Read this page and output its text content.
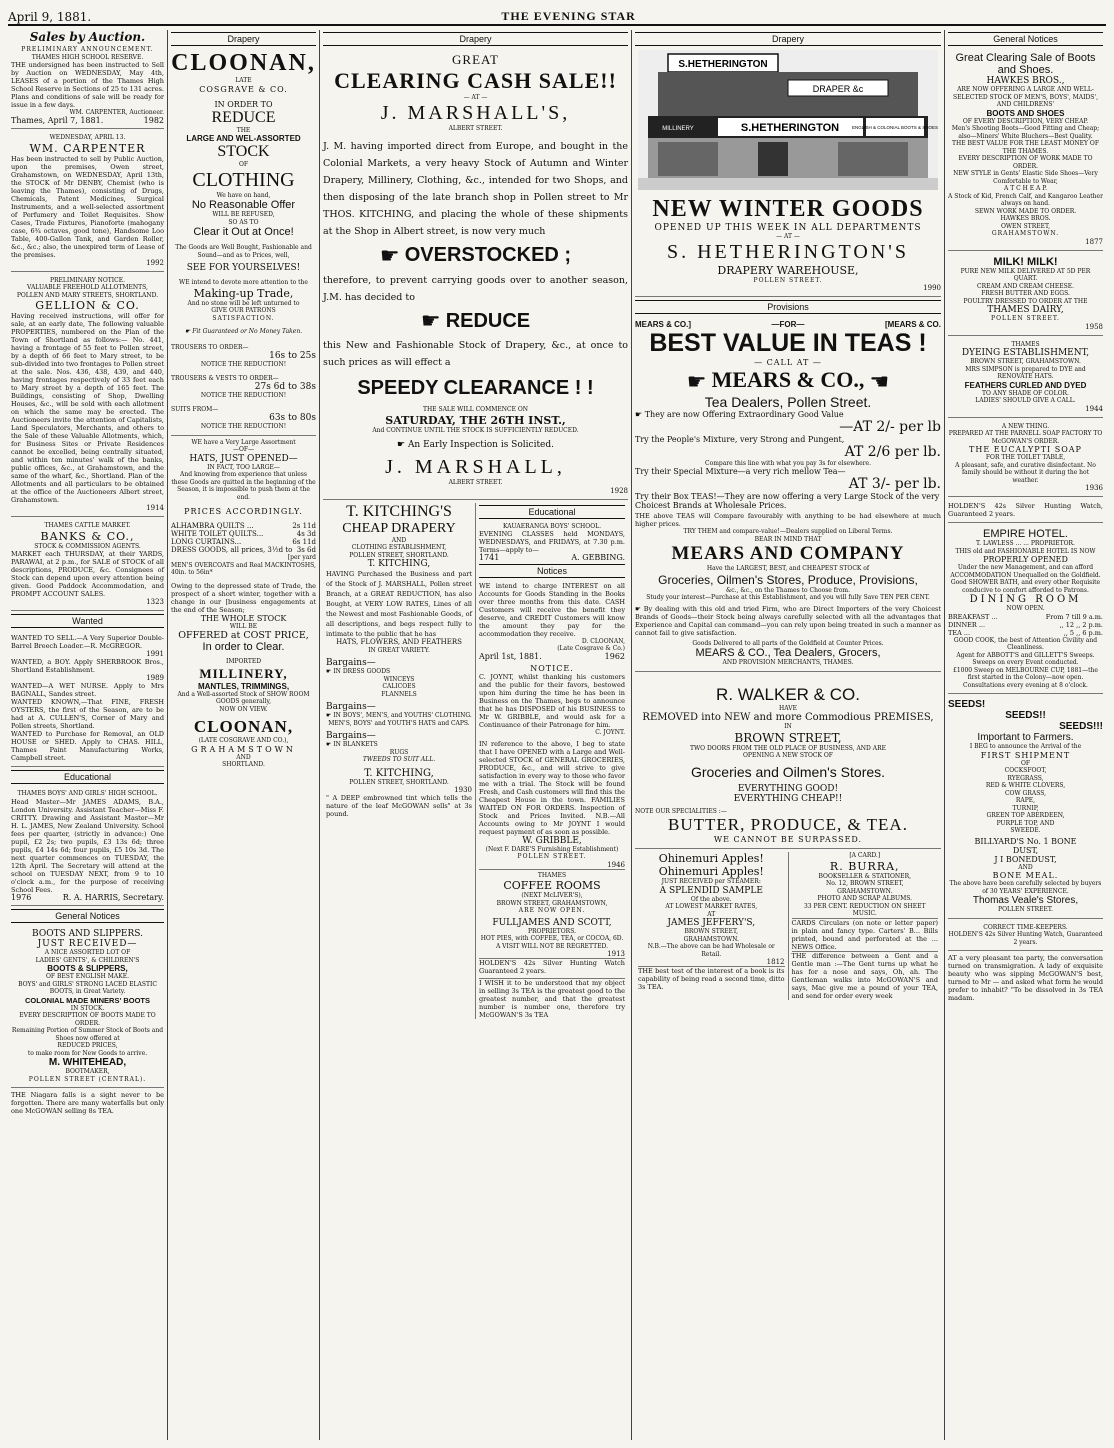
April 9, 1881.	THE EVENING STAR
Sales by Auction.
PRELIMINARY ANNOUNCEMENT.
THAMES HIGH SCHOOL RESERVE.
THE undersigned has been instructed to Sell by Auction on WEDNESDAY, May 4th, LEASES of a portion of the Thames High School Reserve in Sections of 25 to 131 acres. Plans and conditions of sale will be ready for issue in a few days.
WM. CARPENTER, Auctioneer.
Thames, April 7, 1881.	1982
WEDNESDAY, APRIL 13.
WM. CARPENTER
Has been instructed to sell by Public Auction, upon the premises, Owen street, Grahamstown, on WEDNESDAY, April 13th, the STOCK of Mr DENBY, Chemist (who is leaving the Thames), consisting of Drugs, Chemicals, Patent Medicines, Surgical Instruments, and a well-selected assortment of Perfumery and Toilet Requisites. Show Cases, Trade Fixtures, Pianoforte (mahogany case, 6¾ octaves, good tone), Handsome Loo Table, 400-Gallon Tank, and Garden Roller, &c., &c.; also, the unexpired term of Lease of the premises.
1992
PRELIMINARY NOTICE.
VALUABLE FREEHOLD ALLOTMENTS,
POLLEN AND MARY STREETS, SHORTLAND.
GELLION & CO.
Having received instructions, will offer for sale, at an early date, The following valuable PROPERTIES, numbered on the Plan of the Town of Shortland as follows:— No. 441, having a frontage of 55 feet to Pollen street, by a depth of 66 feet to Mary street, to be sub-divided into two frontages to Pollen street at the sale. Nos. 436, 438, 439, and 440, having frontages respectively of 33 feet each to Mary street by a depth of 165 feet. The Buildings, consisting of Shop, Dwelling Houses, &c., will be sold with each allotment on which the same may be erected. The Auctioneers invite the attention of Capitalists, Land Speculators, Merchants, and others to the Sale of these Valuable Allotments, which, for Business Sites or Private Residences cannot be excelled, being centrally situated, and within ten minutes' walk of the banks, public offices, &c., at Grahamstown, and the same of the wharf, &c., Shortland. Plan of the Allotments and all particulars to be obtained at the office of the Auctioneers Albert street, Grahamstown.
1914
THAMES CATTLE MARKET.
BANKS & CO.,
STOCK & COMMISSION AGENTS.
MARKET each THURSDAY, at their YARDS, PARAWAI, at 2 p.m., for SALE of STOCK of all descriptions, PRODUCE, &c. Consignees of Stock can depend upon every attention being given. Good Paddock Accommodation, and PROMPT ACCOUNT SALES.
1323
Wanted
WANTED TO SELL.—A Very Superior Double-Barrel Breech Loader.—R. McGREGOR.
1991
WANTED, a BOY. Apply SHERBROOK Bros., Shortland Establishment.
1989
WANTED—A WET NURSE. Apply to Mrs BAGNALL, Sandes street.
WANTED KNOWN,—That FINE, FRESH OYSTERS, the first of the Season, are to be had at A. CULLEN'S, Corner of Mary and Pollen streets, Shortland.
WANTED to Purchase for Removal, an OLD HOUSE or SHED. Apply to CHAS. HILL, Thames Paint Manufacturing Works, Campbell street.
Educational
THAMES BOYS' AND GIRLS' HIGH SCHOOL.
Head Master—Mr JAMES ADAMS, B.A., London University. Assistant Teacher—Miss F. CRITTY. Drawing and Assistant Master—Mr H. L. JAMES, New Zealand University. School fees per quarter, (strictly in advance:) One pupil, £2 2s; two pupils, £3 13s 6d; three pupils, £4 14s 6d; four pupils, £5 10s 3d. The next quarter commences on TUESDAY, the 12th April. The Secretary will attend at the school on TUESDAY NEXT, from 9 to 10 o'clock a.m., for the purpose of receiving School Fees.
1976	R. A. HARRIS, Secretary.
General Notices
BOOTS AND SLIPPERS.
JUST RECEIVED—
A NICE ASSORTED LOT OF
LADIES' GENTS', & CHILDREN'S
BOOTS & SLIPPERS,
OF BEST ENGLISH MAKE.
BOYS' and GIRLS' STRONG LACED ELASTIC BOOTS, in Great Variety.
COLONIAL MADE MINERS' BOOTS
IN STOCK.
EVERY DESCRIPTION OF BOOTS MADE TO ORDER.
Remaining Portion of Summer Stock of Boots and Shoes now offered at
REDUCED PRICES,
to make room for New Goods to arrive.
M. WHITEHEAD,
BOOTMAKER,
POLLEN STREET (CENTRAL).
THE Niagara falls is a sight never to be forgotten. There are many waterfalls but only one McGOWAN selling 8s TEA.
Drapery
CLOONAN,
LATE
COSGRAVE & CO.
IN ORDER TO
REDUCE
THE
LARGE AND WEL-ASSORTED
STOCK
OF
CLOTHING
We have on hand,
No Reasonable Offer
WILL BE REFUSED,
SO AS TO
Clear it Out at Once!
The Goods are Well Bought, Fashionable and Sound—and as to Prices, well,
SEE FOR YOURSELVES!
WE intend to devote more attention to the
Making-up Trade,
And no stone will be left unturned to
GIVE OUR PATRONS
SATISFACTION.
☛ Fit Guaranteed or No Money Taken.
TROUSERS TO ORDER—
16s to 25s
NOTICE THE REDUCTION!
TROUSERS & VESTS TO ORDER—
27s 6d to 38s
NOTICE THE REDUCTION!
SUITS FROM—
63s to 80s
NOTICE THE REDUCTION!
WE have a Very Large Assortment
—OF—
HATS, JUST OPENED—
IN FACT, TOO LARGE—
And knowing from experience that unless these Goods are quitted in the beginning of the Season, it is impossible to push them at the end.
PRICES ACCORDINGLY.
ALHAMBRA QUILTS ...	2s 11d
WHITE TOILET QUILTS...	4s 3d
LONG CURTAINS...	6s 11d
DRESS GOODS, all prices, 3½d to 3s 6d
[per yard
MEN'S OVERCOATS and Real MACKINTOSHS, 40in. to 56in*
Owing to the depressed state of Trade, the prospect of a short winter, together with a change in our [business engagements at the end of the Season;
THE WHOLE STOCK
WILL BE
OFFERED at COST PRICE,
In order to Clear.
IMPORTED
MILLINERY,
MANTLES, TRIMMINGS,
And a Well-assorted Stock of SHOW ROOM GOODS generally,
NOW ON VIEW.
CLOONAN,
(LATE COSGRAVE AND CO.),
GRAHAMSTOWN
AND
SHORTLAND.
Drapery
GREAT
CLEARING CASH SALE!!
— AT —
J. MARSHALL'S,
ALBERT STREET.
J. M. having imported direct from Europe, and bought in the Colonial Markets, a very heavy Stock of Autumn and Winter Drapery, Millinery, Clothing, &c., intended for two Shops, and then disposing of the late branch shop in Pollen street to Mr THOS. KITCHING, and placing the whole of these shipments at the Shop in Albert street, is now very much
☛ OVERSTOCKED ;
therefore, to prevent carrying goods over to another season, J.M. has decided to
☛ REDUCE
this New and Fashionable Stock of Drapery, &c., at once to such prices as will effect a
SPEEDY CLEARANCE ! !
THE SALE WILL COMMENCE ON
SATURDAY, THE 26TH INST.,
And CONTINUE UNTIL THE STOCK IS SUFFICIENTLY REDUCED.
☛ An Early Inspection is Solicited.
J. MARSHALL,
ALBERT STREET.
1928
T. KITCHING'S
CHEAP DRAPERY
AND
CLOTHING ESTABLISHMENT,
POLLEN STREET, SHORTLAND.
T. KITCHING,
HAVING Purchased the Business and part of the Stock of J. MARSHALL, Pollen street Branch, at a GREAT REDUCTION, has also Bought, at VERY LOW RATES, Lines of all the Newest and most Fashionable Goods, of all descriptions, and begs respect fully to intimate to the public that he has
HATS, FLOWERS, AND FEATHERS
IN GREAT VARIETY.
Bargains—
☛ IN DRESS GOODS
WINCEYS
CALICOES
FLANNELS
Bargains—
☛ IN BOYS', MEN'S, and YOUTHS' CLOTHING.
MEN'S, BOYS' and YOUTH'S HATS and CAPS.
Bargains—
☛ IN BLANKETS
RUGS
TWEEDS TO SUIT ALL.
T. KITCHING,
POLLEN STREET, SHORTLAND.
1930
" A DEEP embrowned tint which tells the nature of the leaf McGOWAN sells" at 3s pound.
Educational
KAUAERANGA BOYS' SCHOOL.
EVENING CLASSES held MONDAYS, WEDNESDAYS, and FRIDAYS, at 7.30 p.m. Terms—apply to—
1741	A. GEBBING.
Notices
WE intend to charge INTEREST on all Accounts for Goods Standing in the Books over three months from this date. CASH Customers will receive the benefit they deserve, and CREDIT Customers will know the amount they pay for the accommodation they receive.
D. CLOONAN,
(Late Cosgrave & Co.)
April 1st, 1881.	1962
NOTICE.
C. JOYNT, whilst thanking his customers and the public for their favors, bestowed upon him during the time he has been in Business on the Thames, begs to announce that he has DISPOSED of his BUSINESS to Mr W. GRIBBLE, and would ask for a Continuance of their Patronage for him.
C. JOYNT.
IN reference to the above, I beg to state that I have OPENED with a Large and Well-selected STOCK of GENERAL GROCERIES, PRODUCE, &c., and will strive to give satisfaction in every way to those who favor me with a trial. The Stock will be found Fresh, and Cash customers will find this the Cheapest House in the town. FAMILIES WAITED ON FOR ORDERS. Inspection of Stock and Prices Invited. N.B.—All Accounts owing to Mr JOYNT I would request payment of as soon as possible.
W. GRIBBLE,
(Next F. DARE'S Furnishing Establishment)
POLLEN STREET.
1946
THAMES
COFFEE ROOMS
(NEXT McLIVER'S),
BROWN STREET, GRAHAMSTOWN,
ARE NOW OPEN.
FULLJAMES AND SCOTT,
PROPRIETORS.
HOT PIES, with COFFEE, TEA, or COCOA, 6D.
A VISIT WILL NOT BE REGRETTED.
1913
HOLDEN'S 42s Silver Hunting Watch Guaranteed 2 years.
I WISH it to be understood that my object in selling 3s TEA is the greatest good to the greatest number, and that the greatest number is number one, therefore try McGOWAN'S 3s TEA
Drapery
S.HETHERINGTON
DRAPER &c
MILLINERY	S.HETHERINGTON	ENGLISH & COLONIAL BOOTS & SHOES
NEW WINTER GOODS
OPENED UP THIS WEEK IN ALL DEPARTMENTS
— AT —
S. HETHERINGTON'S
DRAPERY WAREHOUSE,
POLLEN STREET.
1990
Provisions
MEARS & CO.]	—FOR—	[MEARS & CO.
BEST VALUE IN TEAS !
— CALL AT —
☛ MEARS & CO., ☚
Tea Dealers, Pollen Street.
☛ They are now Offering Extraordinary Good Value
—AT 2/- per lb
Try the People's Mixture, very Strong and Pungent,
AT 2/6 per lb.
Compare this line with what you pay 3s for elsewhere.
Try their Special Mixture—a very rich mellow Tea—
AT 3/- per lb.
Try their Box TEAS!—They are now offering a very Large Stock of the very Choicest Brands at Wholesale Prices.
THE above TEAS will Compare favourably with anything to be had elsewhere at much higher prices.
TRY THEM and compare-value!—Dealers supplied on Liberal Terms.
BEAR IN MIND THAT
MEARS AND COMPANY
Have the LARGEST, BEST, and CHEAPEST STOCK of
Groceries, Oilmen's Stores, Produce, Provisions,
&c., &c., on the Thames to Choose from.
Study your interest—Purchase at this Establishment, and you will fully Save TEN PER CENT.
☛ By dealing with this old and tried Firm, who are Direct Importers of the very Choicest Brands of Goods—their Stock being always carefully selected with all the advantages that Experience and Capital can command—you can rely upon being treated in such a manner as cannot fail to give satisfaction.
Goods Delivered to all parts of the Goldfield at Counter Prices.
MEARS & CO., Tea Dealers, Grocers,
AND PROVISION MERCHANTS, THAMES.
R. WALKER & CO.
HAVE
REMOVED into NEW and more Commodious PREMISES,
IN
BROWN STREET,
TWO DOORS FROM THE OLD PLACE OF BUSINESS, AND ARE
OPENING A NEW STOCK OF
Groceries and Oilmen's Stores.
EVERYTHING GOOD!
EVERYTHING CHEAP!!
NOTE OUR SPECIALITIES :—
BUTTER, PRODUCE, & TEA.
WE CANNOT BE SURPASSED.
Ohinemuri Apples!
Ohinemuri Apples!
JUST RECEIVED per STEAMER:
A SPLENDID SAMPLE
Of the above.
AT LOWEST MARKET RATES,
AT
JAMES JEFFERY'S,
BROWN STREET,
GRAHAMSTOWN.
N.B.—The above can be had Wholesale or Retail.
1812
THE best test of the interest of a book is its capability of being read a second time, ditto 3s TEA.
[A CARD.]
R. BURRA,
BOOKSELLER & STATIONER,
No. 12, BROWN STREET,
GRAHAMSTOWN.
PHOTO AND SCRAP ALBUMS.
33 PER CENT. REDUCTION ON SHEET MUSIC.
CARDS Circulars (on note or letter paper) in plain and fancy type. Carters' B... Bills printed, bound and perforated at the ... NEWS Office.
THE difference between a Gent and a Gentle man :—The Gent turns up what he has for a nose and says, Oh, ah. The Gentleman walks into McGOWAN'S and says, Mac give me a pound of your TEA, and send for order every week
General Notices
Great Clearing Sale of Boots and Shoes.
HAWKES BROS.,
ARE NOW OFFERING A LARGE AND WELL-SELECTED STOCK OF MEN'S, BOYS', MAIDS', AND CHILDRENS'
BOOTS AND SHOES
OF EVERY DESCRIPTION, VERY CHEAP.
Men's Shooting Boots—Good Fitting and Cheap; also—Miners' White Bluchers—Best Quality.
THE BEST VALUE FOR THE LEAST MONEY OF THE THAMES.
EVERY DESCRIPTION OF WORK MADE TO ORDER.
NEW STYLE in Gents' Elastic Side Shoes—Very Comfortable to Wear,
A T C H E A P.
A Stock of Kid, French Calf, and Kangaroo Leather always on hand.
SEWN WORK MADE TO ORDER.
HAWKES BROS.
OWEN STREET,
GRAHAMSTOWN.
1877
MILK! MILK!
PURE NEW MILK DELIVERED AT 5D PER QUART.
CREAM AND CREAM CHEESE.
FRESH BUTTER AND EGGS.
POULTRY DRESSED TO ORDER AT THE
THAMES DAIRY,
POLLEN STREET.
1958
THAMES
DYEING ESTABLISHMENT,
BROWN STREET, GRAHAMSTOWN.
MRS SIMPSON is prepared to DYE and RENOVATE HATS.
FEATHERS CURLED AND DYED
TO ANY SHADE OF COLOR.
LADIES' SHOULD GIVE A CALL.
1944
A NEW THING.
PREPARED AT THE PARNELL SOAP FACTORY TO McGOWAN'S ORDER.
THE EUCALYPTI SOAP
FOR THE TOILET TABLE,
A pleasant, safe, and curative disinfectant. No family should be without it during the hot weather.
1936
HOLDEN'S 42s Silver Hunting Watch, Guaranteed 2 years.
EMPIRE HOTEL.
T. LAWLESS ... ... PROPRIETOR.
THIS old and FASHIONABLE HOTEL IS NOW
PROPERLY OPENED
Under the new Management, and can afford ACCOMMODATION Unequalled on the Goldfield.
Good SHOWER BATH, and every other Requisite conducive to comfort afforded to Patrons.
DINING ROOM
NOW OPEN.
BREAKFAST ...	From 7 till 9 a.m.
DINNER ...	,, 12 ,, 2 p.m.
TEA ...	,, 5 ,, 6 p.m.
GOOD COOK, the best of Attention Civility and Cleanliness.
Agent for ABBOTT'S and GILLETT'S Sweeps.
Sweeps on every Event conducted.
£1000 Sweep on MELBOURNE CUP, 1881—the first started in the Colony—now open.
Consultations every evening at 8 o'clock.
SEEDS!
SEEDS!!
SEEDS!!!
Important to Farmers.
I BEG to announce the Arrival of the
FIRST SHIPMENT
OF
COCKSFOOT,
RYEGRASS,
RED & WHITE CLOVERS,
COW GRASS,
RAPE,
TURNIP,
GREEN TOP ABERDEEN,
PURPLE TOP, AND
SWEEDE.
BILLYARD'S No. 1 BONE
DUST,
J I BONEDUST,
AND
BONE MEAL.
The above have been carefully selected by buyers of 30 YEARS' EXPERIENCE.
Thomas Veale's Stores,
POLLEN STREET.
CORRECT TIME-KEEPERS.
HOLDEN'S 42s Silver Hunting Watch, Guaranteed 2 years.
AT a very pleasant tea party, the conversation turned on transmigration. A lady of exquisite beauty who was sipping McGOWAN'S best, turned to Mr — and asked what form he would prefer to inhabit? "To be dissolved in 3s TEA madam.
